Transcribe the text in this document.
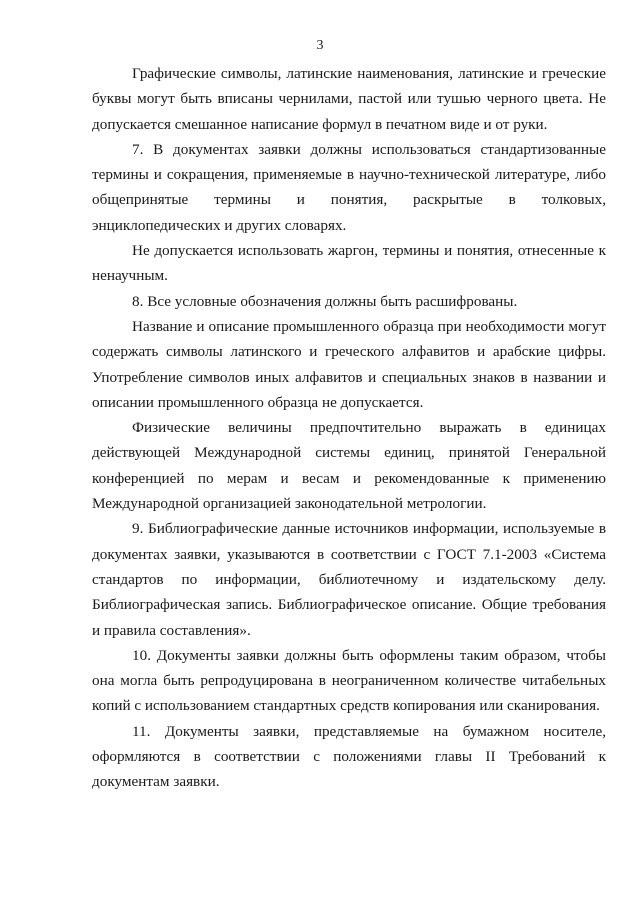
3

Графические символы, латинские наименования, латинские и греческие буквы могут быть вписаны чернилами, пастой или тушью черного цвета. Не допускается смешанное написание формул в печатном виде и от руки.

7. В документах заявки должны использоваться стандартизованные термины и сокращения, применяемые в научно-технической литературе, либо общепринятые термины и понятия, раскрытые в толковых, энциклопедических и других словарях.

Не допускается использовать жаргон, термины и понятия, отнесенные к ненаучным.

8. Все условные обозначения должны быть расшифрованы.

Название и описание промышленного образца при необходимости могут содержать символы латинского и греческого алфавитов и арабские цифры. Употребление символов иных алфавитов и специальных знаков в названии и описании промышленного образца не допускается.

Физические величины предпочтительно выражать в единицах действующей Международной системы единиц, принятой Генеральной конференцией по мерам и весам и рекомендованные к применению Международной организацией законодательной метрологии.

9. Библиографические данные источников информации, используемые в документах заявки, указываются в соответствии с ГОСТ 7.1-2003 «Система стандартов по информации, библиотечному и издательскому делу. Библиографическая запись. Библиографическое описание. Общие требования и правила составления».

10. Документы заявки должны быть оформлены таким образом, чтобы она могла быть репродуцирована в неограниченном количестве читабельных копий с использованием стандартных средств копирования или сканирования.

11. Документы заявки, представляемые на бумажном носителе, оформляются в соответствии с положениями главы II Требований к документам заявки.
